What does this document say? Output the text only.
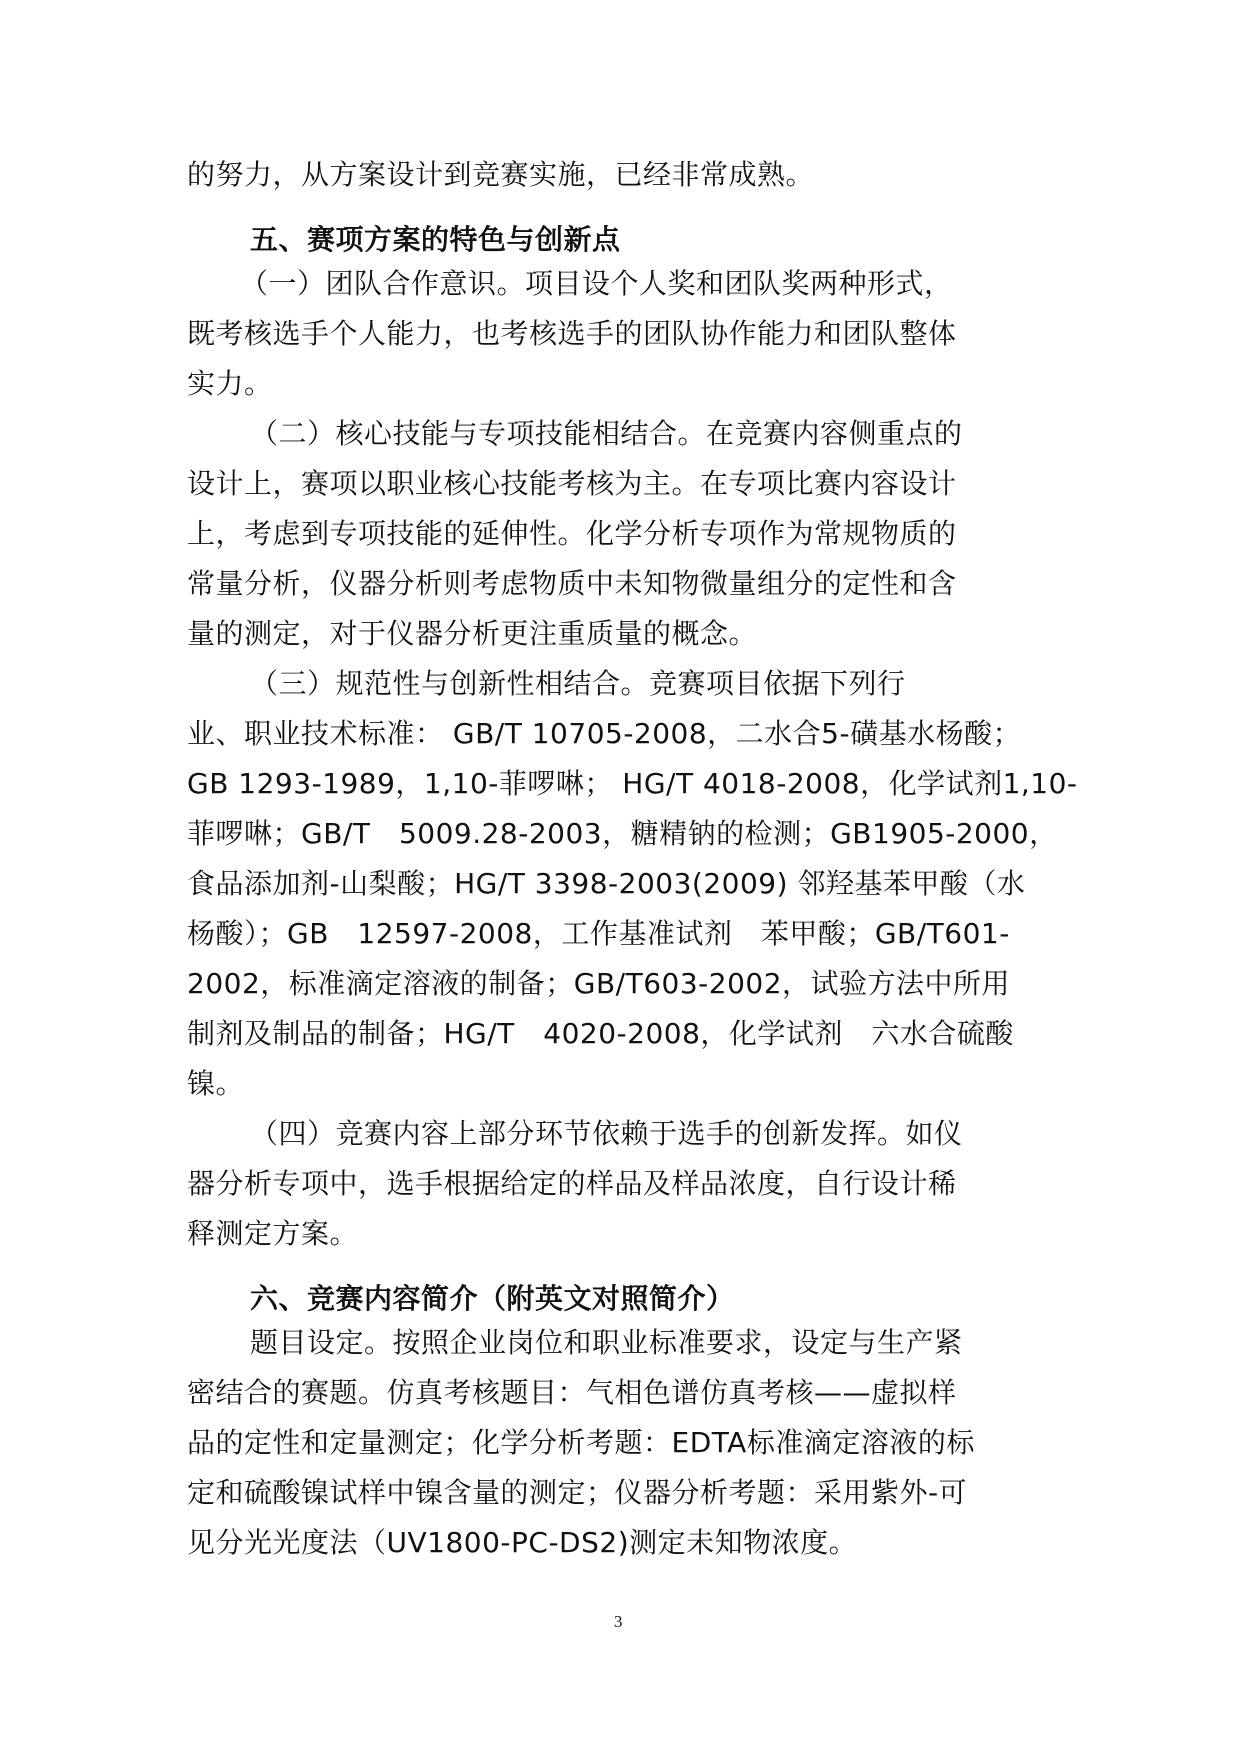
的努力，从方案设计到竞赛实施，已经非常成熟。
五、赛项方案的特色与创新点
（一）团队合作意识。项目设个人奖和团队奖两种形式，
既考核选手个人能力，也考核选手的团队协作能力和团队整体
实力。
（二）核心技能与专项技能相结合。在竞赛内容侧重点的
设计上，赛项以职业核心技能考核为主。在专项比赛内容设计
上，考虑到专项技能的延伸性。化学分析专项作为常规物质的
常量分析，仪器分析则考虑物质中未知物微量组分的定性和含
量的测定，对于仪器分析更注重质量的概念。
（三）规范性与创新性相结合。竞赛项目依据下列行
业、职业技术标准： GB/T 10705-2008，二水合5-磺基水杨酸；
GB 1293-1989，1,10-菲啰啉； HG/T 4018-2008，化学试剂1,10-
菲啰啉；GB/T　5009.28-2003，糖精钠的检测；GB1905-2000，
食品添加剂-山梨酸；HG/T 3398-2003(2009) 邻羟基苯甲酸（水
杨酸）；GB　12597-2008，工作基准试剂　苯甲酸；GB/T601-
2002，标准滴定溶液的制备；GB/T603-2002，试验方法中所用
制剂及制品的制备；HG/T　4020-2008，化学试剂　六水合硫酸
镍。
（四）竞赛内容上部分环节依赖于选手的创新发挥。如仪
器分析专项中，选手根据给定的样品及样品浓度，自行设计稀
释测定方案。
六、竞赛内容简介（附英文对照简介）
题目设定。按照企业岗位和职业标准要求，设定与生产紧
密结合的赛题。仿真考核题目：气相色谱仿真考核——虚拟样
品的定性和定量测定；化学分析考题：EDTA标准滴定溶液的标
定和硫酸镍试样中镍含量的测定；仪器分析考题：采用紫外-可
见分光光度法（UV1800-PC-DS2)测定未知物浓度。
3
